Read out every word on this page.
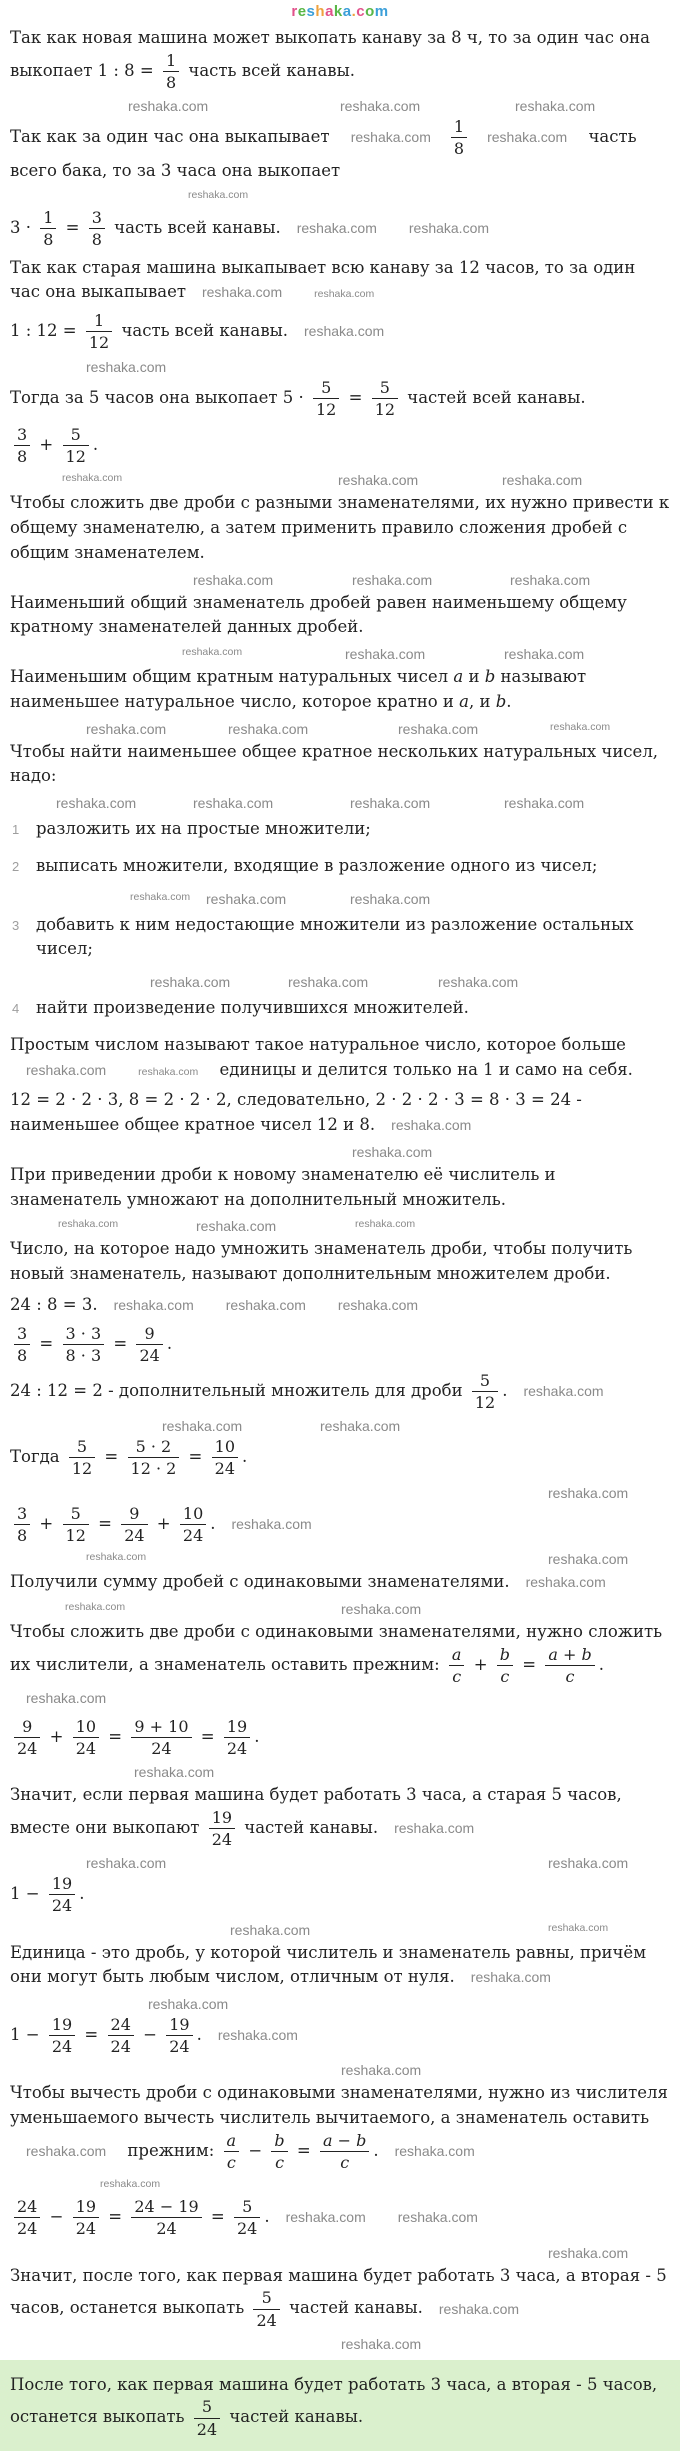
reshaka.com
Так как новая машина может выкопать канаву за 8 ч, то за один час она выкопает 1 : $8 = \frac{1}{8}$ часть всей канавы.
reshaka.com	reshaka.com	reshaka.com
Так как за один час она выкапывает reshaka.com $\frac{1}{8}$ reshaka.com часть всего бака, то за 3 часа она выкопает
reshaka.com
$3 \cdot \frac{1}{8} = \frac{3}{8}$ часть всей канавы. reshaka.com reshaka.com
Так как старая машина выкапывает всю канаву за 12 часов, то за один час она выкапывает reshaka.com	reshaka.com
1 : $12 = \frac{1}{12}$ часть всей канавы. reshaka.com
reshaka.com
Тогда за 5 часов она выкопает $5 \cdot \frac{5}{12} = \frac{5}{12}$ частей всей канавы.
$\frac{3}{8} + \frac{5}{12}$ .
reshaka.com	reshaka.com	reshaka.com
Чтобы сложить две дроби с разными знаменателями, их нужно привести к общему знаменателю, а затем применить правило сложения дробей с общим знаменателем.
reshaka.com	reshaka.com	reshaka.com
Наименьший общий знаменатель дробей равен наименьшему общему кратному знаменателей данных дробей.
reshaka.com	reshaka.com	reshaka.com
Наименьшим общим кратным натуральных чисел a и b называют наименьшее натуральное число, которое кратно и a, и b.
reshaka.com	reshaka.com	reshaka.com	reshaka.com
Чтобы найти наименьшее общее кратное нескольких натуральных чисел, надо:
reshaka.com	reshaka.com	reshaka.com	reshaka.com
1	разложить их на простые множители;
2	выписать множители, входящие в разложение одного из чисел;
reshaka.com reshaka.com	reshaka.com
3	добавить к ним недостающие множители из разложение остальных чисел;
reshaka.com	reshaka.com	reshaka.com
4	найти произведение получившихся множителей.
Простым числом называют такое натуральное число, которое больше reshaka.com	reshaka.com единицы и делится только на 1 и само на себя.
12 = 2 · 2 · 3, 8 = 2 · 2 · 2, следовательно, 2 · 2 · 2 · 3 = 8 · 3 = 24 - наименьшее общее кратное чисел 12 и 8. reshaka.com
reshaka.com
При приведении дроби к новому знаменателю её числитель и знаменатель умножают на дополнительный множитель.
reshaka.com	reshaka.com	reshaka.com
Число, на которое надо умножить знаменатель дроби, чтобы получить новый знаменатель, называют дополнительным множителем дроби.
24 : 8 = 3. reshaka.com reshaka.com reshaka.com
$\frac{3}{8} = \frac{3 \cdot 3}{8 \cdot 3} = \frac{9}{24}$ .
24 : 12 = 2 - дополнительный множитель для дроби $\frac{5}{12}$ . reshaka.com
reshaka.com	reshaka.com
Тогда $\frac{5}{12} = \frac{5 \cdot 2}{12 \cdot 2} = \frac{10}{24}$ .
reshaka.com
$\frac{3}{8} + \frac{5}{12} = \frac{9}{24} + \frac{10}{24}$ . reshaka.com
reshaka.com	reshaka.com
Получили сумму дробей с одинаковыми знаменателями. reshaka.com
reshaka.com	reshaka.com
Чтобы сложить две дроби с одинаковыми знаменателями, нужно сложить их числители, а знаменатель оставить прежним: $\frac{a}{c} + \frac{b}{c} = \frac{a + b}{c}$ .reshaka.com
$\frac{9}{24} + \frac{10}{24} = \frac{9 + 10}{24} = \frac{19}{24}$ .
reshaka.com
Значит, если первая машина будет работать 3 часа, а старая 5 часов, вместе они выкопают $\frac{19}{24}$ частей канавы. reshaka.com
reshaka.com	reshaka.com
$1 - \frac{19}{24}$ .
reshaka.com	reshaka.com
Единица - это дробь, у которой числитель и знаменатель равны, причём они могут быть любым числом, отличным от нуля. reshaka.com
reshaka.com
$1 - \frac{19}{24} = \frac{24}{24} - \frac{19}{24}$ . reshaka.com
reshaka.com
Чтобы вычесть дроби с одинаковыми знаменателями, нужно из числителя уменьшаемого вычесть числитель вычитаемого, а знаменатель оставить reshaka.com прежним: $\frac{a}{c} - \frac{b}{c} = \frac{a - b}{c}$ . reshaka.com
reshaka.com
$\frac{24}{24} - \frac{19}{24} = \frac{24 - 19}{24} = \frac{5}{24}$ . reshaka.com reshaka.com
reshaka.com
Значит, после того, как первая машина будет работать 3 часа, а вторая - 5 часов, останется выкопать $\frac{5}{24}$ частей канавы. reshaka.com
reshaka.com
После того, как первая машина будет работать 3 часа, а вторая - 5 часов, останется выкопать $\frac{5}{24}$ частей канавы.
